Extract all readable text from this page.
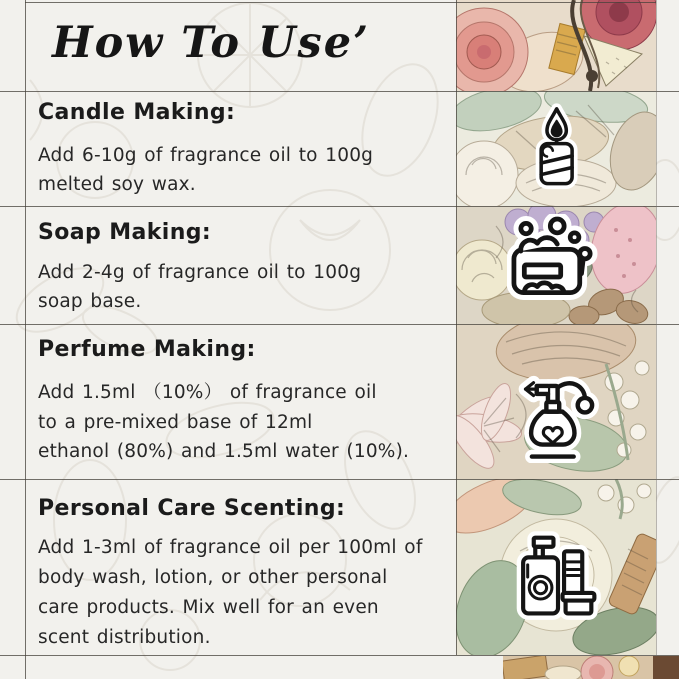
How To Use’
Candle Making:
Add 6-10g of fragrance oil to 100g
melted soy wax.
Soap Making:
Add 2-4g of fragrance oil to 100g
soap base.
Perfume Making:
Add 1.5ml （10%） of fragrance oil
to a pre-mixed base of 12ml
ethanol (80%) and 1.5ml water (10%).
Personal Care Scenting:
Add 1-3ml of fragrance oil per 100ml of
body wash, lotion, or other personal
care products. Mix well for an even
scent distribution.
